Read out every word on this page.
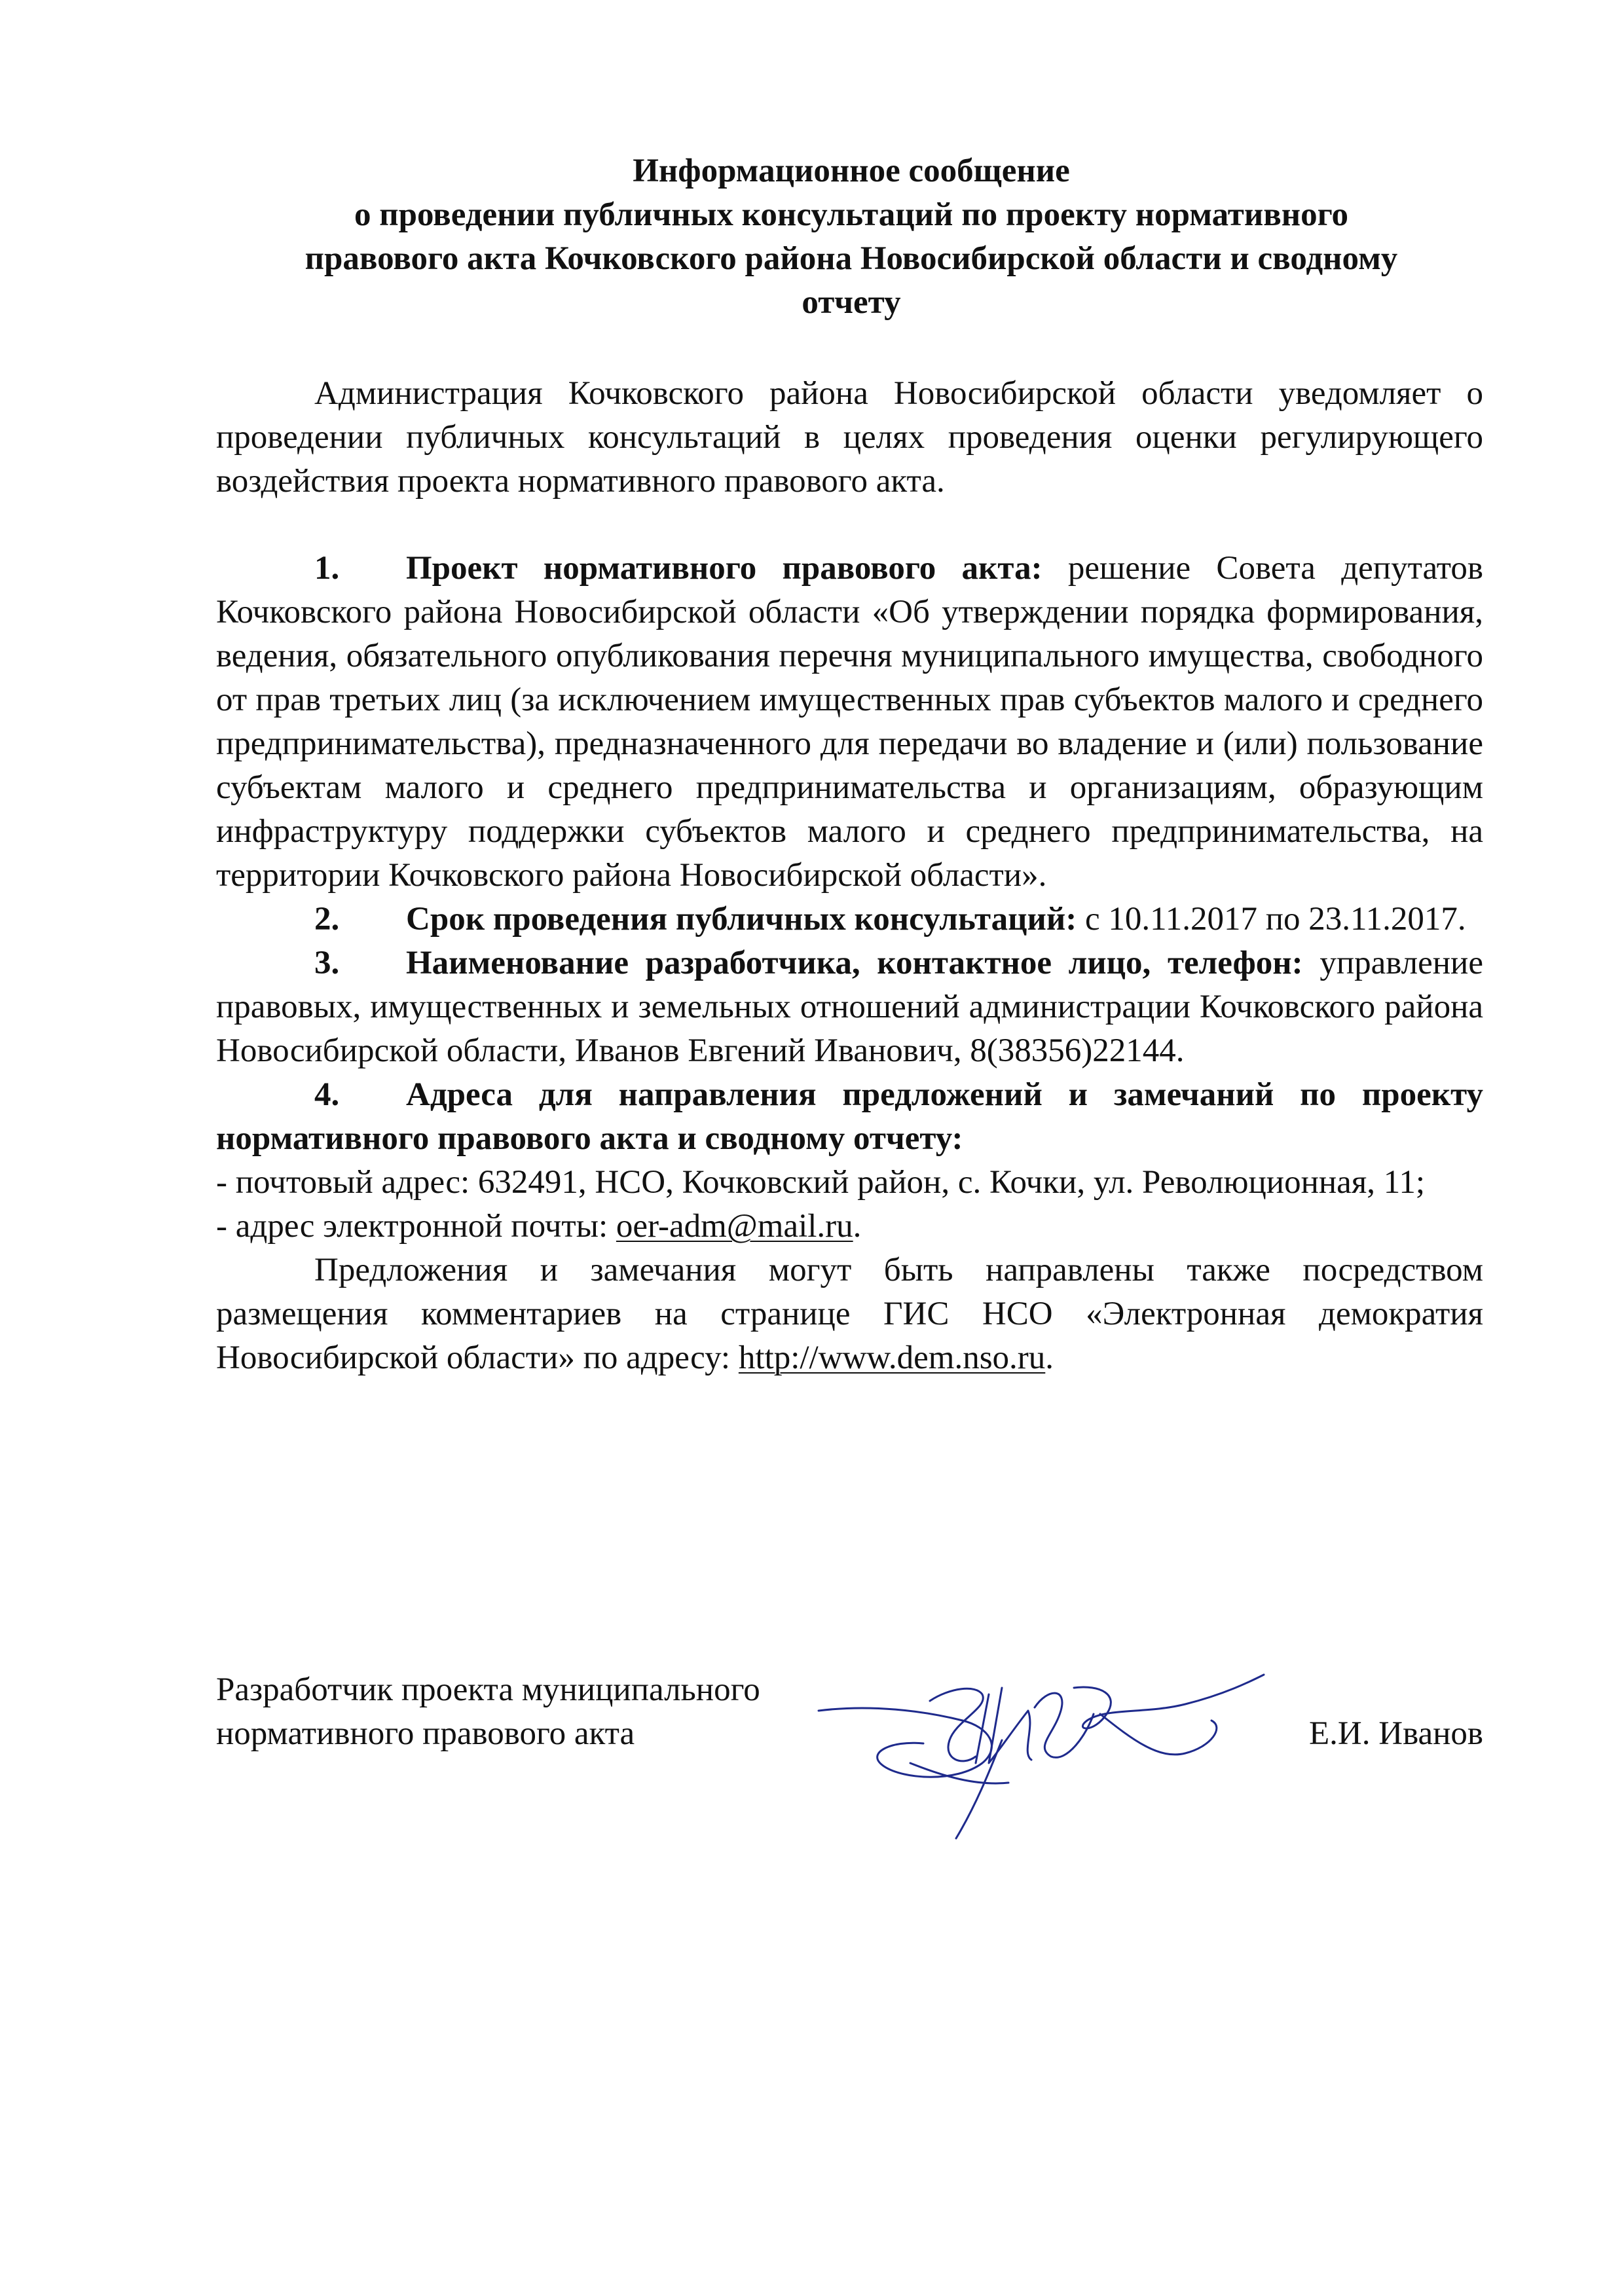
Информационное сообщение
о проведении публичных консультаций по проекту нормативного
правового акта Кочковского района Новосибирской области и сводному
отчету
Администрация Кочковского района Новосибирской области уведомляет о проведении публичных консультаций в целях проведения оценки регулирующего воздействия проекта нормативного правового акта.

1. Проект нормативного правового акта: решение Совета депутатов Кочковского района Новосибирской области «Об утверждении порядка формирования, ведения, обязательного опубликования перечня муниципального имущества, свободного от прав третьих лиц (за исключением имущественных прав субъектов малого и среднего предпринимательства), предназначенного для передачи во владение и (или) пользование субъектам малого и среднего предпринимательства и организациям, образующим инфраструктуру поддержки субъектов малого и среднего предпринимательства, на территории Кочковского района Новосибирской области».

2. Срок проведения публичных консультаций: с 10.11.2017 по 23.11.2017.

3. Наименование разработчика, контактное лицо, телефон: управление правовых, имущественных и земельных отношений администрации Кочковского района Новосибирской области, Иванов Евгений Иванович, 8(38356)22144.

4. Адреса для направления предложений и замечаний по проекту нормативного правового акта и сводному отчету:

- почтовый адрес: 632491, НСО, Кочковский район, с. Кочки, ул. Революционная, 11;

- адрес электронной почты: oer-adm@mail.ru.

Предложения и замечания могут быть направлены также посредством размещения комментариев на странице ГИС НСО «Электронная демократия Новосибирской области» по адресу: http://www.dem.nso.ru.

Разработчик проекта муниципального
нормативного правового акта	Е.И. Иванов
